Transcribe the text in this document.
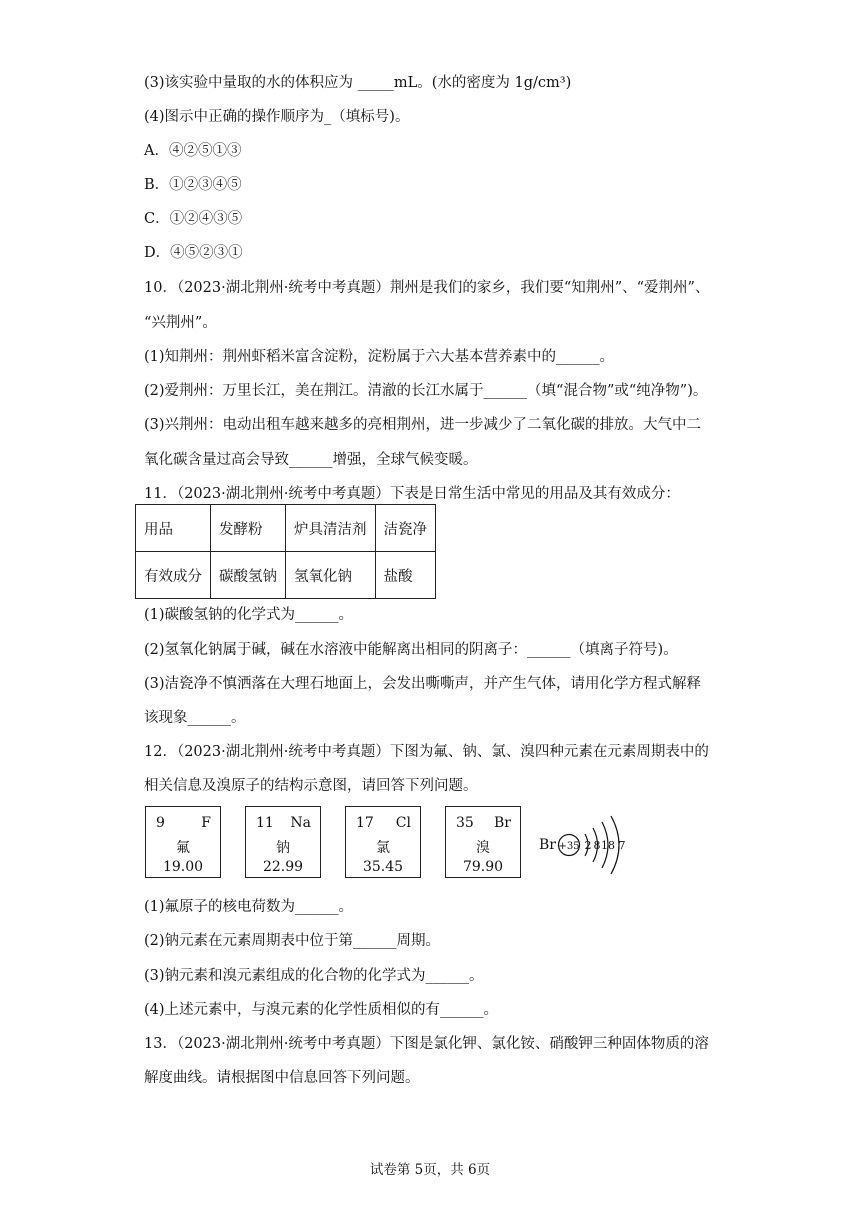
(3)该实验中量取的水的体积应为 _____mL。(水的密度为 1g/cm³)
(4)图示中正确的操作顺序为_（填标号)。
A．④②⑤①③
B．①②③④⑤
C．①②④③⑤
D．④⑤②③①
10．（2023·湖北荆州·统考中考真题）荆州是我们的家乡，我们要“知荆州”、“爱荆州”、
“兴荆州”。
(1)知荆州：荆州虾稻米富含淀粉，淀粉属于六大基本营养素中的______。
(2)爱荆州：万里长江，美在荆江。清澈的长江水属于______（填“混合物”或“纯净物”)。
(3)兴荆州：电动出租车越来越多的亮相荆州，进一步减少了二氧化碳的排放。大气中二
氧化碳含量过高会导致______增强，全球气候变暖。
11．（2023·湖北荆州·统考中考真题）下表是日常生活中常见的用品及其有效成分：
用品	发酵粉	炉具清洁剂	洁瓷净
有效成分	碳酸氢钠	氢氧化钠	盐酸
(1)碳酸氢钠的化学式为______。
(2)氢氧化钠属于碱，碱在水溶液中能解离出相同的阴离子：______（填离子符号)。
(3)洁瓷净不慎洒落在大理石地面上，会发出嘶嘶声，并产生气体，请用化学方程式解释
该现象______。
12．（2023·湖北荆州·统考中考真题）下图为氟、钠、氯、溴四种元素在元素周期表中的
相关信息及溴原子的结构示意图，请回答下列问题。
9	F
氟
19.00
11 Na
钠
22.99
17 Cl
氯
35.45
35 Br
溴
79.90
Br +35 2 8 18 7
(1)氟原子的核电荷数为______。
(2)钠元素在元素周期表中位于第______周期。
(3)钠元素和溴元素组成的化合物的化学式为______。
(4)上述元素中，与溴元素的化学性质相似的有______。
13．（2023·湖北荆州·统考中考真题）下图是氯化钾、氯化铵、硝酸钾三种固体物质的溶
解度曲线。请根据图中信息回答下列问题。
试卷第 5页，共 6页
